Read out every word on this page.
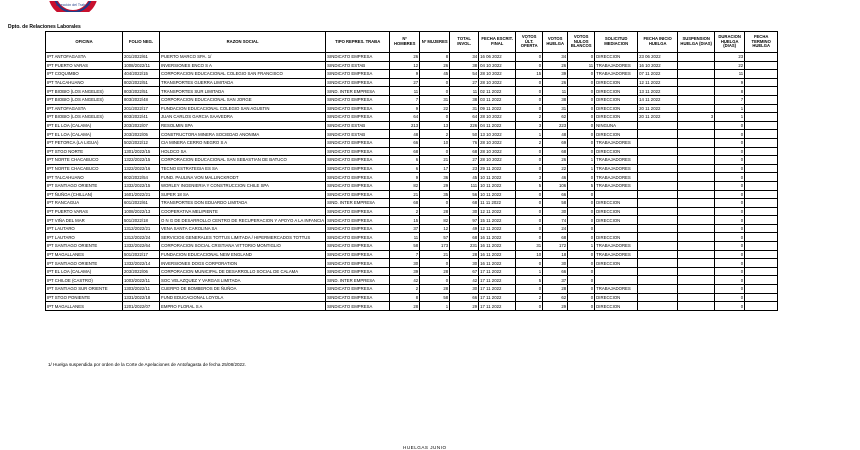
Dirección del Trabajo
Dpto. de Relaciones Laborales
OFICINA	FOLIO NEG.	RAZON SOCIAL	TIPO REPRES. TRABA	Nº HOMBRES	Nº MUJERES	TOTAL INVOL.	FECHA ESCRIT. FINAL	VOTOS ÚLT. OFERTA	VOTOS HUELGA	VOTOS NULOS BLANCOS	SOLICITUD MEDIACION	FECHA INICIO HUELGA	SUSPENSION HUELGA (DIAS)	DURACION HUELGA (DIAS)	FECHA TERMINO HUELGA
IPT ANTOFAGASTA	201/2022/61	PUERTO MARCO SPA. 1/	SINDICATO EMPRESA	26	8	34	16 06 2022	0	34	0	DIRECCION	23 06 2022		23	
IPT PUERTO VARAS	1008/2022/11	INVERSIONES ENCO S A	SINDICATO ESTAB	12	26	38	04 10 2022	0	26	11	TRABAJADORES	16 10 2022		22	
IPT COQUIMBO	404/2022/15	CORPORACION EDUCACIONAL COLEGIO SAN FRANCISCO	SINDICATO EMPRESA	9	45	54	28 10 2022	15	39	0	TRABAJADORES	07 11 2022		11	
IPT TALCAHUANO	802/2022/51	TRANSPORTES GUERRA LIMITADA	SINDICATO EMPRESA	27	0	27	28 10 2022	0	26	0	DIRECCION	12 11 2022		9	
IPT BIOBIO (LOS ANGELES)	803/2022/51	TRANSPORTES SUR LIMITADA	SIND. INTER EMPRESA	11	0	11	02 11 2022	0	11	0	DIRECCION	13 11 2022		8	
IPT BIOBIO (LOS ANGELES)	803/2022/48	CORPORACION EDUCACIONAL SAN JORGE	SINDICATO EMPRESA	7	31	38	03 11 2022	0	38	0	DIRECCION	14 11 2022		7	
IPT ANTOFAGASTA	201/2022/17	FUNDACION EDUCACIONAL COLEGIO SAN AGUSTIN	SINDICATO EMPRESA	9	22	31	09 11 2022	0	31	0	DIRECCION	20 11 2022		1	
IPT BIOBIO (LOS ANGELES)	803/2022/41	JUAN CARLOS GARCIA SAAVEDRA	SINDICATO EMPRESA	64	0	64	28 10 2022	2	62	0	DIRECCION	20 11 2022	3	1	
IPT EL LOA (CALAMA)	203/2022/07	RESOLMIN SPA	SINDICATO ESTAB	213	13	226	04 11 2022	3	223	0	NINGUNA			0	
IPT EL LOA (CALAMA)	203/2022/05	CONSTRUCTORA MINERA SOCIEDAD ANONIMA	SINDICATO ESTAB	48	2	50	13 10 2022	1	48	0	DIRECCION			0	
IPT PETORCA (LA LIGUA)	502/2022/12	CIA MINERA CERRO NEGRO S A	SINDICATO EMPRESA	66	10	76	28 10 2022	2	69	0	TRABAJADORES			0	
IPT STGO NORTE	1301/2022/15	HOLDCO SA	SINDICATO EMPRESA	68	0	68	28 10 2022	0	68	0	DIRECCION			0	
IPT NORTE CHACABUCO	1322/2022/15	CORPORACION EDUCACIONAL SAN SEBASTIAN DE BATUCO	SINDICATO EMPRESA	6	21	27	28 10 2022	0	26	1	TRABAJADORES			0	
IPT NORTE CHACABUCO	1322/2022/16	TECNO ESTRATEGIA ES SA	SINDICATO EMPRESA	6	17	23	29 11 2022	0	22	1	TRABAJADORES			0	
IPT TALCAHUANO	802/2022/54	FUND. PAULINA VON MALLINCKRODT	SINDICATO EMPRESA	9	36	45	10 11 2022	3	46	0	TRABAJADORES			0	
IPT SANTIAGO ORIENTE	1332/2022/15	WORLEY INGENIERIA Y CONSTRUCCION CHILE SPA	SINDICATO EMPRESA	82	29	111	10 11 2022	5	106	5	TRABAJADORES			0	
IPT ÑUÑOA (CHILLAN)	1601/2022/21	SUPER 18 SA	SINDICATO EMPRESA	21	35	56	10 11 2022	0	66	0				0	
IPT RANCAGUA	601/2022/61	TRANSPORTES DON EDUARDO LIMITADA	SIND. INTER EMPRESA	68	0	68	11 11 2022	0	58	0	DIRECCION			0	
IPT PUERTO VARAS	1008/2022/13	COOPERATIVA MELIPIENTE	SINDICATO EMPRESA	2	28	30	12 11 2022	0	30	0	DIRECCION			0	
IPT VIÑA DEL MAR	501/2022/18	O N G DE DESARROLLO CENTRO DE RECUPERACION Y APOYO A LA INFANCIA	SINDICATO EMPRESA	15	82	97	15 11 2022	0	74	0	DIRECCION			0	
IPT LAUTARO	1312/2022/21	VENA SANTA CAROLINA SA	SINDICATO EMPRESA	37	12	49	12 11 2022	0	24	0				0	
IPT LAUTARO	1312/2022/24	SERVICIOS GENERALES TOTTUS LIMITADA / HIPERMERCADOS TOTTUS	SINDICATO EMPRESA	11	57	68	16 11 2022	0	68	0	DIRECCION			0	
IPT SANTIAGO ORIENTE	1332/2022/64	CORPORACION SOCIAL CRISTIANA VITTORIO MONTIGLIO	SINDICATO EMPRESA	58	173	231	16 11 2022	31	172	1	TRABAJADORES			0	
IPT MAGALLANES	501/2022/17	FUNDACION EDUCACIONAL NEW ENGLAND	SINDICATO EMPRESA	7	21	28	16 11 2022	10	18	0	TRABAJADORES			0	
IPT SANTIAGO ORIENTE	1332/2022/14	INVERSIONES DOGS CORPORATION	SINDICATO EMPRESA	30	0	30	16 11 2022	0	30	0	DIRECCION			0	
IPT EL LOA (CALAMA)	203/2022/06	CORPORACION MUNICIPAL DE DESARROLLO SOCIAL DE CALAMA	SINDICATO EMPRESA	39	28	67	17 11 2022	1	66	0				0	
IPT CHILOE (CASTRO)	1003/2022/11	SOC VELAZQUEZ Y VARGAS LIMITADA	SIND. INTER EMPRESA	42	0	42	17 11 2022	5	37	0				0	
IPT SANTIAGO SUR ORIENTE	1303/2022/11	CUERPO DE BOMBEROS DE ÑUÑOA	SINDICATO EMPRESA	2	28	30	17 11 2022	0	28	0	TRABAJADORES			0	
IPT STGO PONIENTE	1331/2022/18	FUND EDUCACIONAL LOYOLA	SINDICATO EMPRESA	8	58	66	17 11 2022	2	62	0	DIRECCION			0	
IPT MAGALLANES	1201/2022/07	EMPRO FLORAL S A	SINDICATO EMPRESA	28	1	29	17 11 2022	0	29	0	DIRECCION			0	
1/ Huelga suspendida por orden de la Corte de Apelaciones de Antofagasta de fecha 25/08/2022.
HUELGAS JUNIO
